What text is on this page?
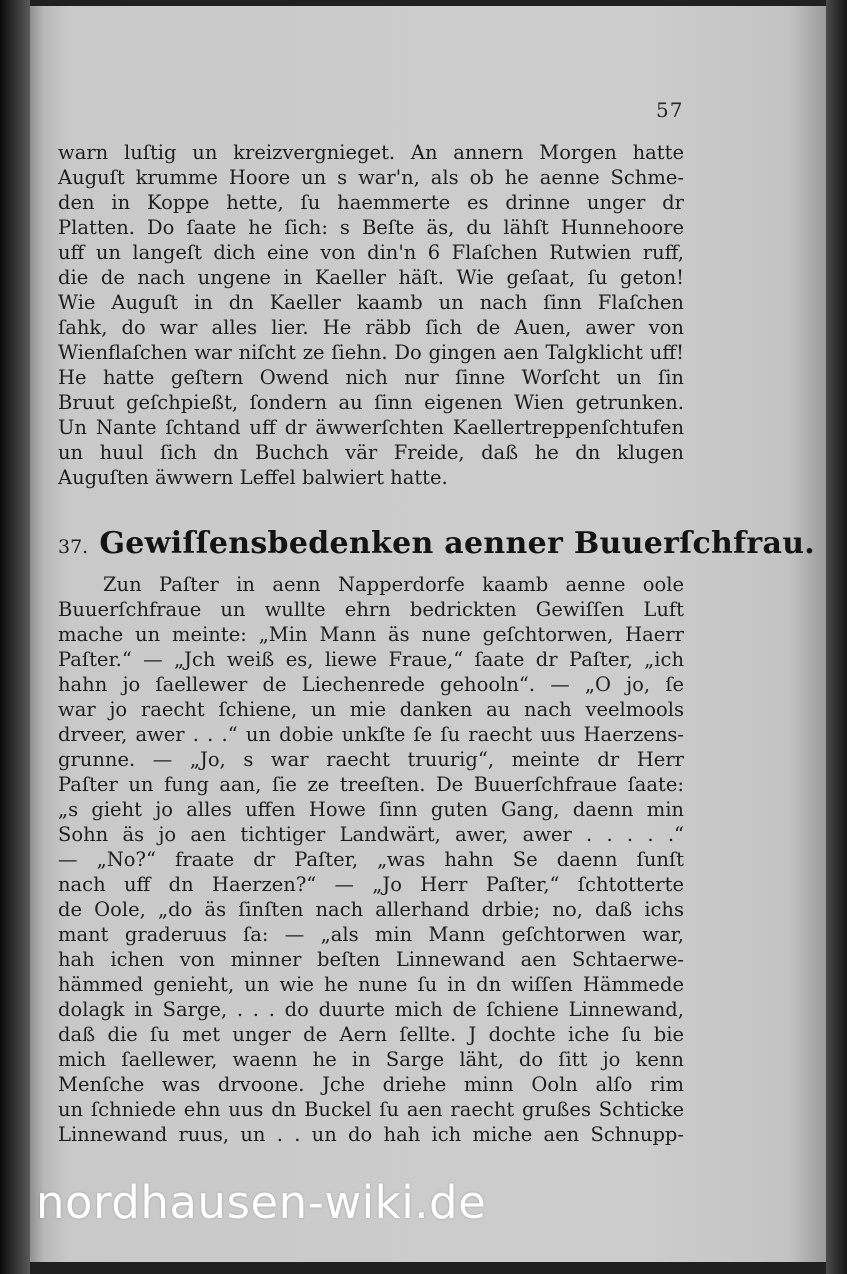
57
warn luſtig un kreizvergnieget. An annern Morgen hatte
Auguſt krumme Hoore un s war'n, als ob he aenne Schme-
den in Koppe hette, ſu haemmerte es drinne unger dr
Platten. Do ſaate he ſich: s Beſte äs, du lähſt Hunnehoore
uff un langeſt dich eine von din'n 6 Flaſchen Rutwien ruff,
die de nach ungene in Kaeller häſt. Wie geſaat, ſu geton!
Wie Auguſt in dn Kaeller kaamb un nach ſinn Flaſchen
ſahk, do war alles lier. He räbb ſich de Auen, awer von
Wienflaſchen war niſcht ze ſiehn. Do gingen aen Talgklicht uff!
He hatte geſtern Owend nich nur ſinne Worſcht un ſin
Bruut geſchpießt, ſondern au ſinn eigenen Wien getrunken.
Un Nante ſchtand uff dr äwwerſchten Kaellertreppenſchtufen
un huul ſich dn Buchch vär Freide, daß he dn klugen
Auguſten äwwern Leffel balwiert hatte.
37. Gewiſſensbedenken aenner Buuerſchfrau.
Zun Paſter in aenn Napperdorfe kaamb aenne oole
Buuerſchfraue un wullte ehrn bedrickten Gewiſſen Luft
mache un meinte: „Min Mann äs nune geſchtorwen, Haerr
Paſter.“ — „Jch weiß es, liewe Fraue,“ ſaate dr Paſter, „ich
hahn jo ſaellewer de Liechenrede gehooln“. — „O jo, ſe
war jo raecht ſchiene, un mie danken au nach veelmools
drveer, awer . . .“ un dobie unkſte ſe ſu raecht uus Haerzens-
grunne. — „Jo, s war raecht truurig“, meinte dr Herr
Paſter un fung aan, ſie ze treeſten. De Buuerſchfraue ſaate:
„s gieht jo alles uffen Howe ſinn guten Gang, daenn min
Sohn äs jo aen tichtiger Landwärt, awer, awer . . . . .“
— „No?“ fraate dr Paſter, „was hahn Se daenn ſunſt
nach uff dn Haerzen?“ — „Jo Herr Paſter,“ ſchtotterte
de Oole, „do äs ſinſten nach allerhand drbie; no, daß ichs
mant graderuus ſa: — „als min Mann geſchtorwen war,
hah ichen von minner beſten Linnewand aen Schtaerwe-
hämmed genieht, un wie he nune ſu in dn wiſſen Hämmede
dolagk in Sarge, . . . do duurte mich de ſchiene Linnewand,
daß die ſu met unger de Aern ſellte. J dochte iche ſu bie
mich ſaellewer, waenn he in Sarge läht, do ſitt jo kenn
Menſche was drvoone. Jche driehe minn Ooln alſo rim
un ſchniede ehn uus dn Buckel ſu aen raecht grußes Schticke
Linnewand ruus, un . . un do hah ich miche aen Schnupp-
nordhausen-wiki.de
